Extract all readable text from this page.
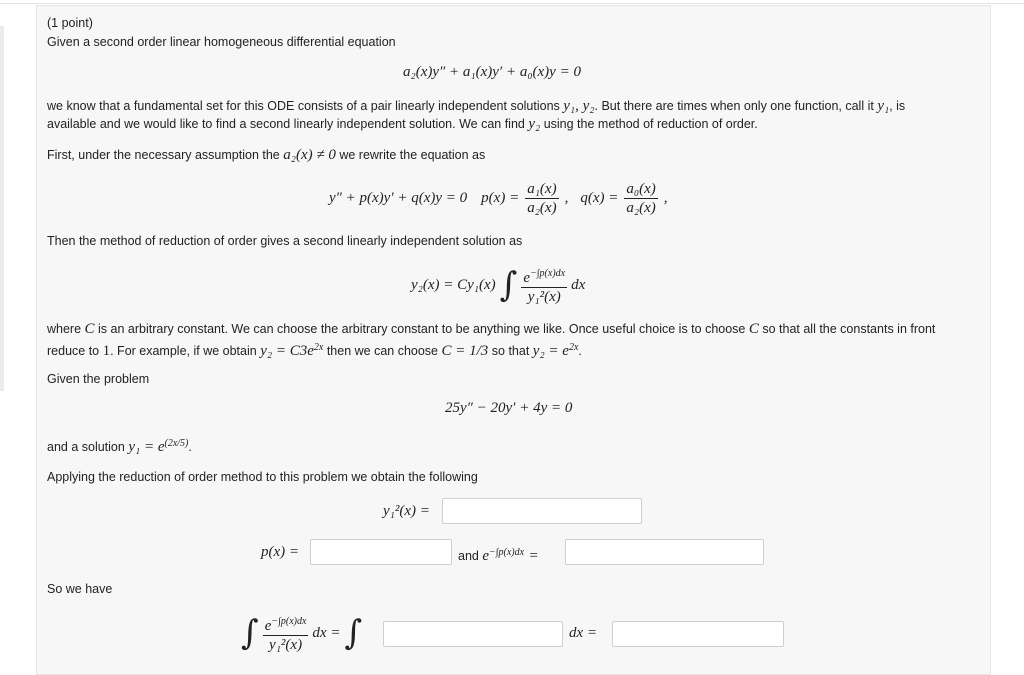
(1 point)
Given a second order linear homogeneous differential equation
a₂(x)y″ + a₁(x)y′ + a₀(x)y = 0
we know that a fundamental set for this ODE consists of a pair linearly independent solutions y₁, y₂. But there are times when only one function, call it y₁, is
available and we would like to find a second linearly independent solution. We can find y₂ using the method of reduction of order.
First, under the necessary assumption the a₂(x) ≠ 0 we rewrite the equation as
y″ + p(x)y′ + q(x)y = 0 $p(x) = \frac{\text{a₁(x)}}{\text{a₂(x)}}$ , $q(x) = \frac{\text{a₀(x)}}{\text{a₂(x)}}$ ,
Then the method of reduction of order gives a second linearly independent solution as
y₂(x) = Cy₁(x) ∫ $\frac{e^{-\int p(x)dx}}{\text{y₁²(x)}}$ dx
where C is an arbitrary constant. We can choose the arbitrary constant to be anything we like. Once useful choice is to choose C so that all the constants in front
reduce to 1. For example, if we obtain $y_2 = C3e^{2x}$ then we can choose C = 1/3 so that $y_2 = e^{2x}$.
Given the problem
25y″ − 20y′ + 4y = 0
and a solution $y_1 = e^{(2x/5)}$.
Applying the reduction of order method to this problem we obtain the following
y₁²(x) =
p(x) =	and $e^{-\int p(x)dx}$ =
So we have
∫ $\frac{e^{-\int p(x)dx}}{\text{y₁²(x)}}$ dx = ∫	dx =
